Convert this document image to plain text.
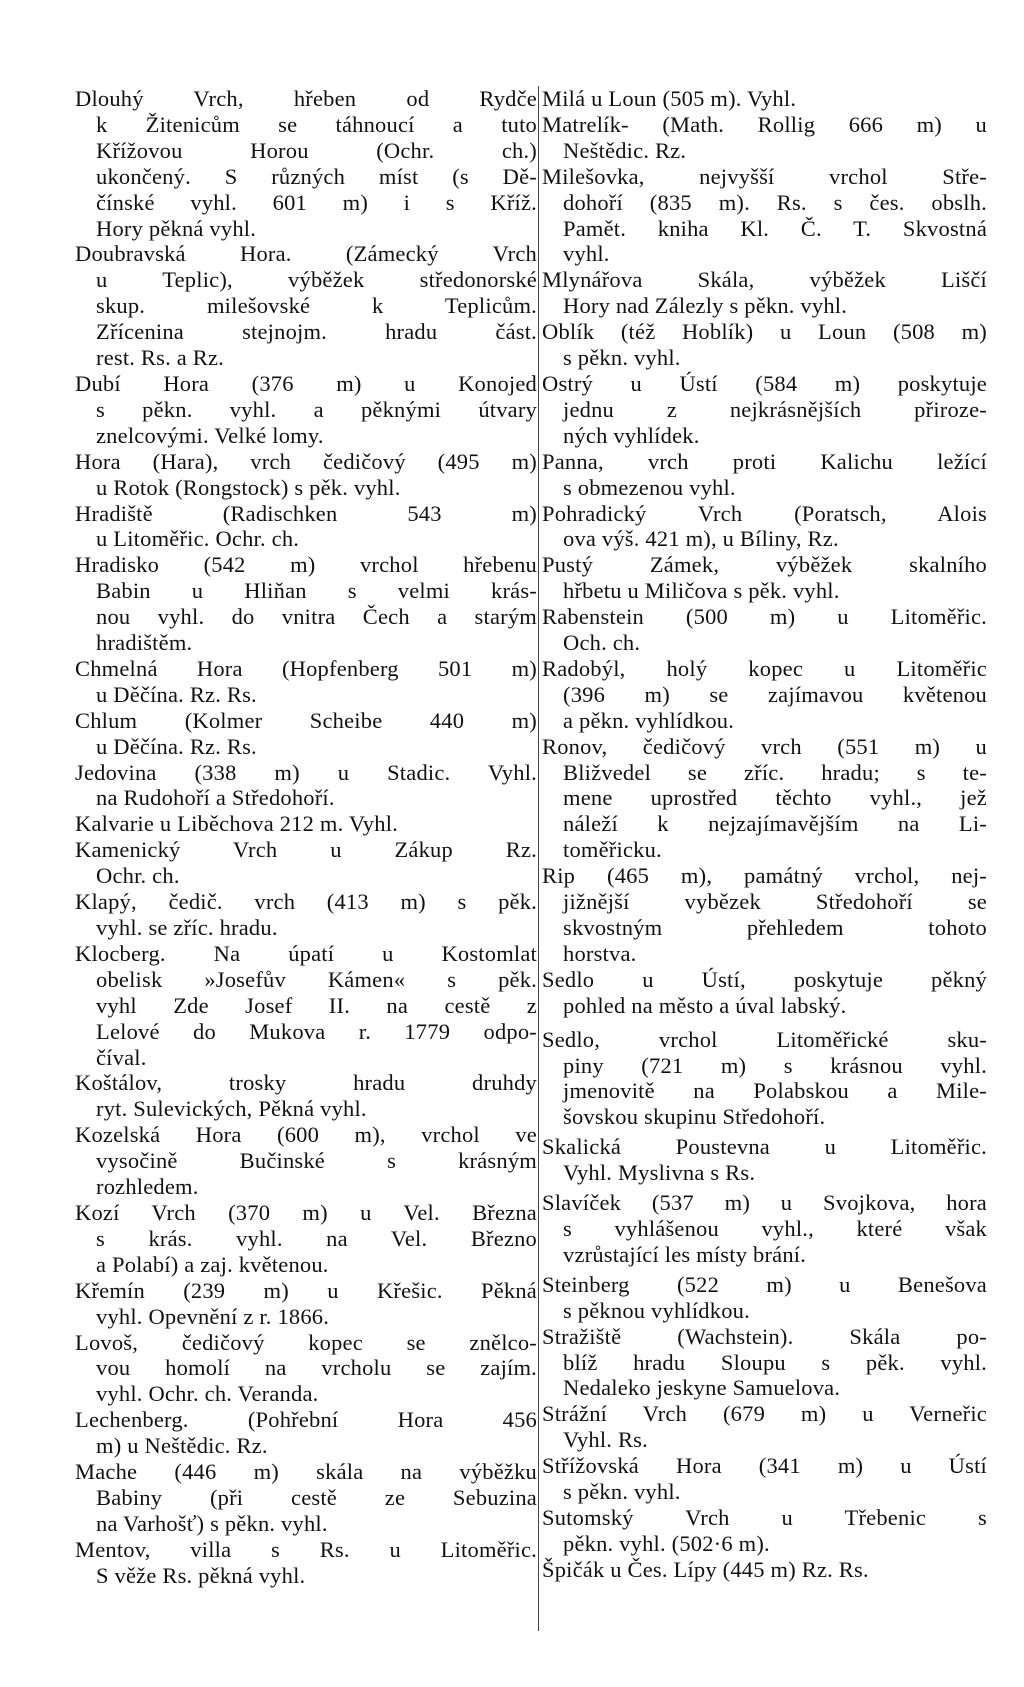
Dlouhý Vrch, hřeben od Rydče
k Žitenicům se táhnoucí a tuto
Křížovou Horou (Ochr. ch.)
ukončený. S různých míst (s Dě-
čínské vyhl. 601 m) i s Kříž.
Hory pěkná vyhl.
Doubravská Hora. (Zámecký Vrch
u Teplic), výběžek středonorské
skup. milešovské k Teplicům.
Zřícenina stejnojm. hradu část.
rest. Rs. a Rz.
Dubí Hora (376 m) u Konojed
s pěkn. vyhl. a pěknými útvary
znelcovými. Velké lomy.
Hora (Hara), vrch čedičový (495 m)
u Rotok (Rongstock) s pěk. vyhl.
Hradiště (Radischken 543 m)
u Litoměřic. Ochr. ch.
Hradisko (542 m) vrchol hřebenu
Babin u Hliňan s velmi krás-
nou vyhl. do vnitra Čech a starým
hradištěm.
Chmelná Hora (Hopfenberg 501 m)
u Děčína. Rz. Rs.
Chlum (Kolmer Scheibe 440 m)
u Děčína. Rz. Rs.
Jedovina (338 m) u Stadic. Vyhl.
na Rudohoří a Středohoří.
Kalvarie u Liběchova 212 m. Vyhl.
Kamenický Vrch u Zákup Rz.
Ochr. ch.
Klapý, čedič. vrch (413 m) s pěk.
vyhl. se zříc. hradu.
Klocberg. Na úpatí u Kostomlat
obelisk »Josefův Kámen« s pěk.
vyhl Zde Josef II. na cestě z
Lelové do Mukova r. 1779 odpo-
číval.
Koštálov, trosky hradu druhdy
ryt. Sulevických, Pěkná vyhl.
Kozelská Hora (600 m), vrchol ve
vysočině Bučinské s krásným
rozhledem.
Kozí Vrch (370 m) u Vel. Března
s krás. vyhl. na Vel. Březno
a Polabí) a zaj. květenou.
Křemín (239 m) u Křešic. Pěkná
vyhl. Opevnění z r. 1866.
Lovoš, čedičový kopec se znělco-
vou homolí na vrcholu se zajím.
vyhl. Ochr. ch. Veranda.
Lechenberg. (Pohřební Hora 456
m) u Neštědic. Rz.
Mache (446 m) skála na výběžku
Babiny (při cestě ze Sebuzina
na Varhošť) s pěkn. vyhl.
Mentov, villa s Rs. u Litoměřic.
S věže Rs. pěkná vyhl.
Milá u Loun (505 m). Vyhl.
Matrelík- (Math. Rollig 666 m) u
Neštědic. Rz.
Milešovka, nejvyšší vrchol Stře-
dohoří (835 m). Rs. s čes. obslh.
Pamět. kniha Kl. Č. T. Skvostná
vyhl.
Mlynářova Skála, výběžek Liščí
Hory nad Zálezly s pěkn. vyhl.
Oblík (též Hoblík) u Loun (508 m)
s pěkn. vyhl.
Ostrý u Ústí (584 m) poskytuje
jednu z nejkrásnějších přiroze-
ných vyhlídek.
Panna, vrch proti Kalichu ležící
s obmezenou vyhl.
Pohradický Vrch (Poratsch, Alois
ova výš. 421 m), u Bíliny, Rz.
Pustý Zámek, výběžek skalního
hřbetu u Miličova s pěk. vyhl.
Rabenstein (500 m) u Litoměřic.
Och. ch.
Radobýl, holý kopec u Litoměřic
(396 m) se zajímavou květenou
a pěkn. vyhlídkou.
Ronov, čedičový vrch (551 m) u
Bližvedel se zříc. hradu; s te-
mene uprostřed těchto vyhl., jež
náleží k nejzajímavějším na Li-
toměřicku.
Rip (465 m), památný vrchol, nej-
jižnější vybězek Středohoří se
skvostným přehledem tohoto
horstva.
Sedlo u Ústí, poskytuje pěkný
pohled na město a úval labský.
Sedlo, vrchol Litoměřické sku-
piny (721 m) s krásnou vyhl.
jmenovitě na Polabskou a Mile-
šovskou skupinu Středohoří.
Skalická Poustevna u Litoměřic.
Vyhl. Myslivna s Rs.
Slavíček (537 m) u Svojkova, hora
s vyhlášenou vyhl., které však
vzrůstající les místy brání.
Steinberg (522 m) u Benešova
s pěknou vyhlídkou.
Stražiště (Wachstein). Skála po-
blíž hradu Sloupu s pěk. vyhl.
Nedaleko jeskyne Samuelova.
Strážní Vrch (679 m) u Verneřic
Vyhl. Rs.
Střížovská Hora (341 m) u Ústí
s pěkn. vyhl.
Sutomský Vrch u Třebenic s
pěkn. vyhl. (502·6 m).
Špičák u Čes. Lípy (445 m) Rz. Rs.
